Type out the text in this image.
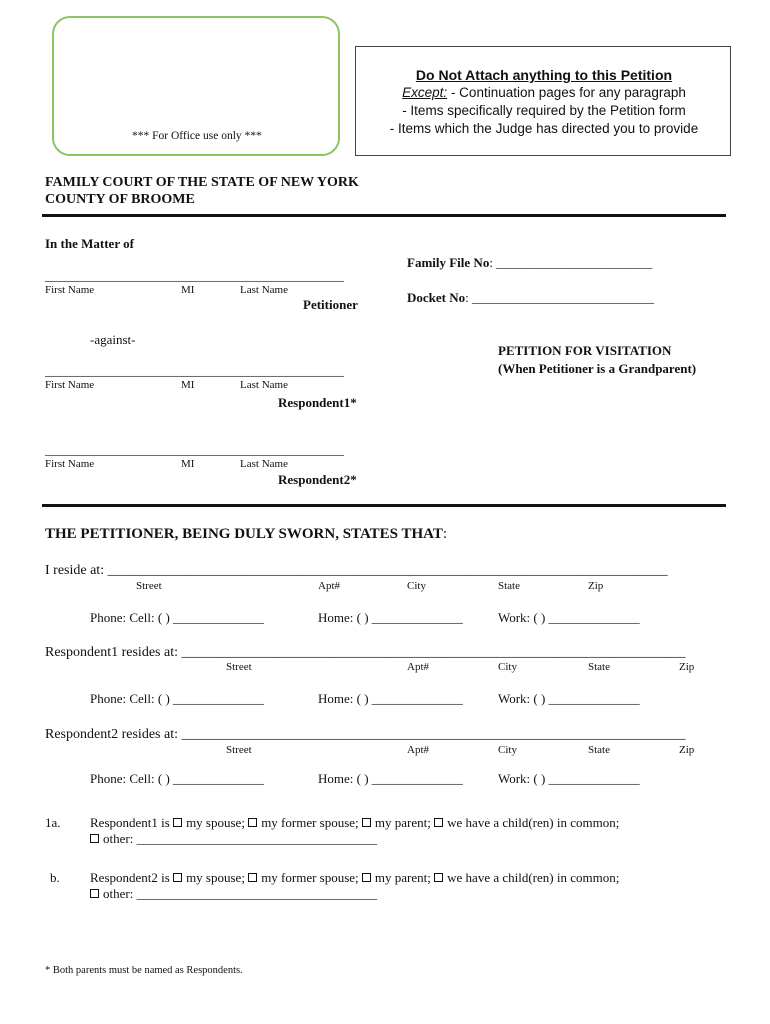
*** For Office use only ***
Do Not Attach anything to this Petition
Except: - Continuation pages for any paragraph
- Items specifically required by the Petition form
- Items which the Judge has directed you to provide
FAMILY COURT OF THE STATE OF NEW YORK
COUNTY OF BROOME
In the Matter of
______________________________________________
First Name	MI	Last Name
Petitioner
Family File No: ________________________
Docket No: ____________________________
-against-
PETITION FOR VISITATION
(When Petitioner is a Grandparent)
______________________________________________
First Name	MI	Last Name
Respondent1*
______________________________________________
First Name	MI	Last Name
Respondent2*
THE PETITIONER, BEING DULY SWORN, STATES THAT:
I reside at: ________________________________________________________________________________
Street	Apt#	City	State	Zip
Phone: Cell: ( ) ______________	Home: ( ) ______________	Work: ( ) ______________
Respondent1 resides at: ________________________________________________________________________
Street	Apt#	City	State	Zip
Phone: Cell: ( ) ______________	Home: ( ) ______________	Work: ( ) ______________
Respondent2 resides at: ________________________________________________________________________
Street	Apt#	City	State	Zip
Phone: Cell: ( ) ______________	Home: ( ) ______________	Work: ( ) ______________
1a. Respondent1 is my spouse; my former spouse; my parent; we have a child(ren) in common;
other: _____________________________________
b. Respondent2 is my spouse; my former spouse; my parent; we have a child(ren) in common;
other: _____________________________________
* Both parents must be named as Respondents.
